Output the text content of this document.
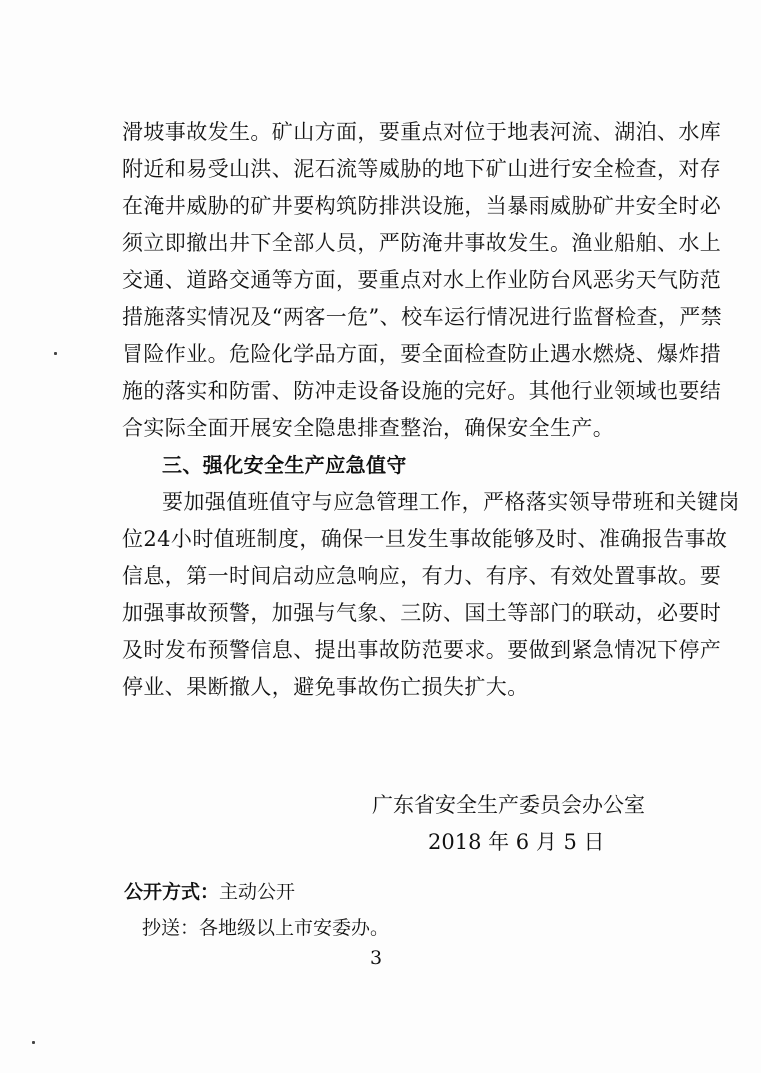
滑坡事故发生。矿山方面，要重点对位于地表河流、湖泊、水库
附近和易受山洪、泥石流等威胁的地下矿山进行安全检查，对存
在淹井威胁的矿井要构筑防排洪设施，当暴雨威胁矿井安全时必
须立即撤出井下全部人员，严防淹井事故发生。渔业船舶、水上
交通、道路交通等方面，要重点对水上作业防台风恶劣天气防范
措施落实情况及“两客一危”、校车运行情况进行监督检查，严禁
冒险作业。危险化学品方面，要全面检查防止遇水燃烧、爆炸措
施的落实和防雷、防冲走设备设施的完好。其他行业领域也要结
合实际全面开展安全隐患排查整治，确保安全生产。
三、强化安全生产应急值守
要加强值班值守与应急管理工作，严格落实领导带班和关键岗
位24小时值班制度，确保一旦发生事故能够及时、准确报告事故
信息，第一时间启动应急响应，有力、有序、有效处置事故。要
加强事故预警，加强与气象、三防、国土等部门的联动，必要时
及时发布预警信息、提出事故防范要求。要做到紧急情况下停产
停业、果断撤人，避免事故伤亡损失扩大。
广东省安全生产委员会办公室
2018 年 6 月 5 日
公开方式：主动公开
抄送：各地级以上市安委办。
3
